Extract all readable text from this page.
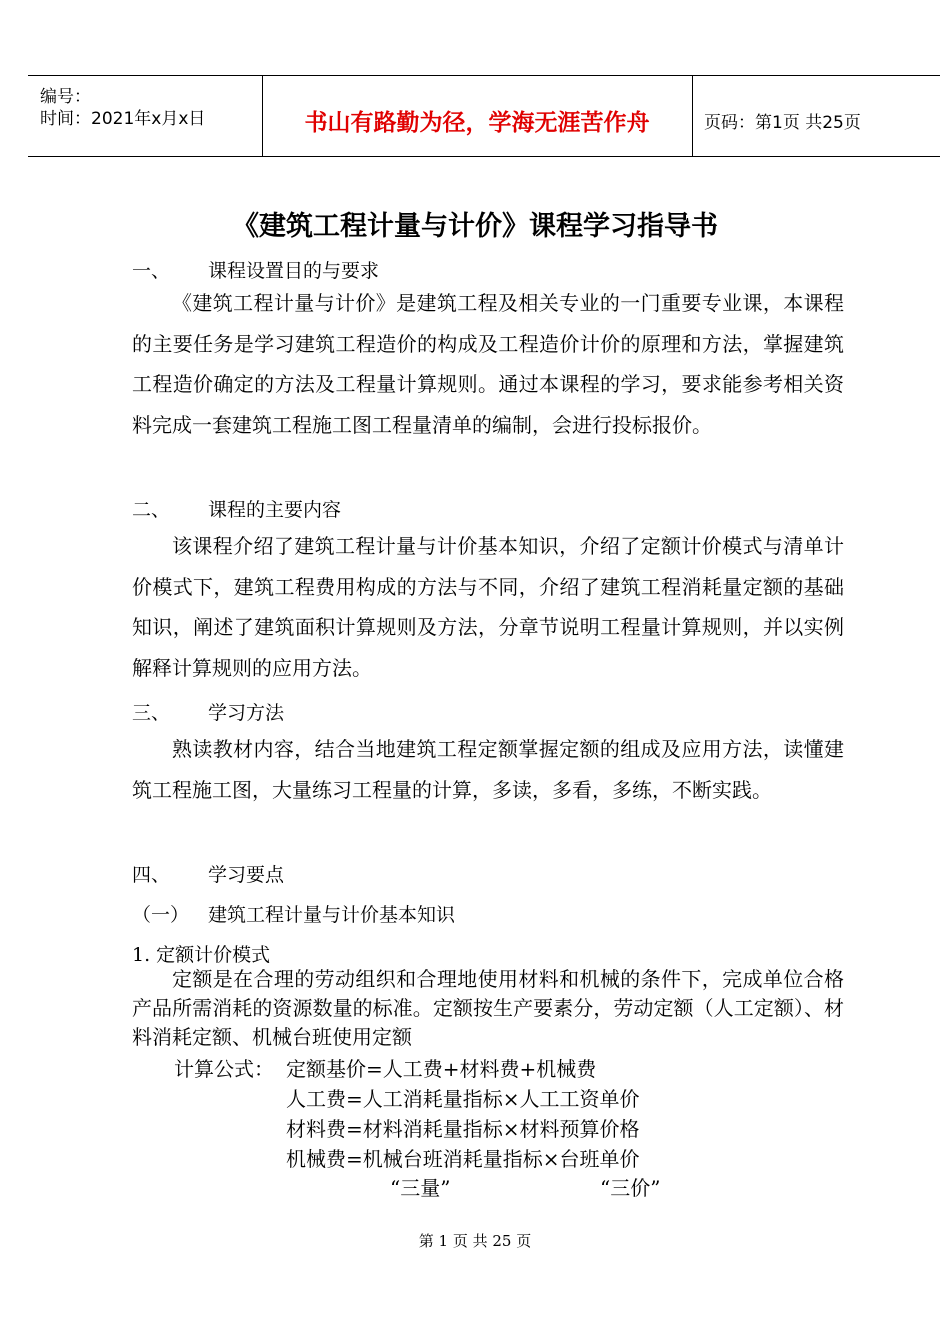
编号：
时间：2021年x月x日	书山有路勤为径，学海无涯苦作舟	页码：第1页 共25页
《建筑工程计量与计价》课程学习指导书
一、 课程设置目的与要求
《建筑工程计量与计价》是建筑工程及相关专业的一门重要专业课，本课程的主要任务是学习建筑工程造价的构成及工程造价计价的原理和方法，掌握建筑工程造价确定的方法及工程量计算规则。通过本课程的学习，要求能参考相关资料完成一套建筑工程施工图工程量清单的编制，会进行投标报价。
二、 课程的主要内容
该课程介绍了建筑工程计量与计价基本知识，介绍了定额计价模式与清单计价模式下，建筑工程费用构成的方法与不同，介绍了建筑工程消耗量定额的基础知识，阐述了建筑面积计算规则及方法，分章节说明工程量计算规则，并以实例解释计算规则的应用方法。
三、 学习方法
熟读教材内容，结合当地建筑工程定额掌握定额的组成及应用方法，读懂建筑工程施工图，大量练习工程量的计算，多读，多看，多练，不断实践。
四、 学习要点
（一） 建筑工程计量与计价基本知识
1. 定额计价模式
定额是在合理的劳动组织和合理地使用材料和机械的条件下，完成单位合格产品所需消耗的资源数量的标准。定额按生产要素分，劳动定额（人工定额）、材料消耗定额、机械台班使用定额
计算公式： 定额基价=人工费+材料费+机械费
人工费=人工消耗量指标×人工工资单价
材料费=材料消耗量指标×材料预算价格
机械费=机械台班消耗量指标×台班单价
“三量”	“三价”
第 1 页 共 25 页
